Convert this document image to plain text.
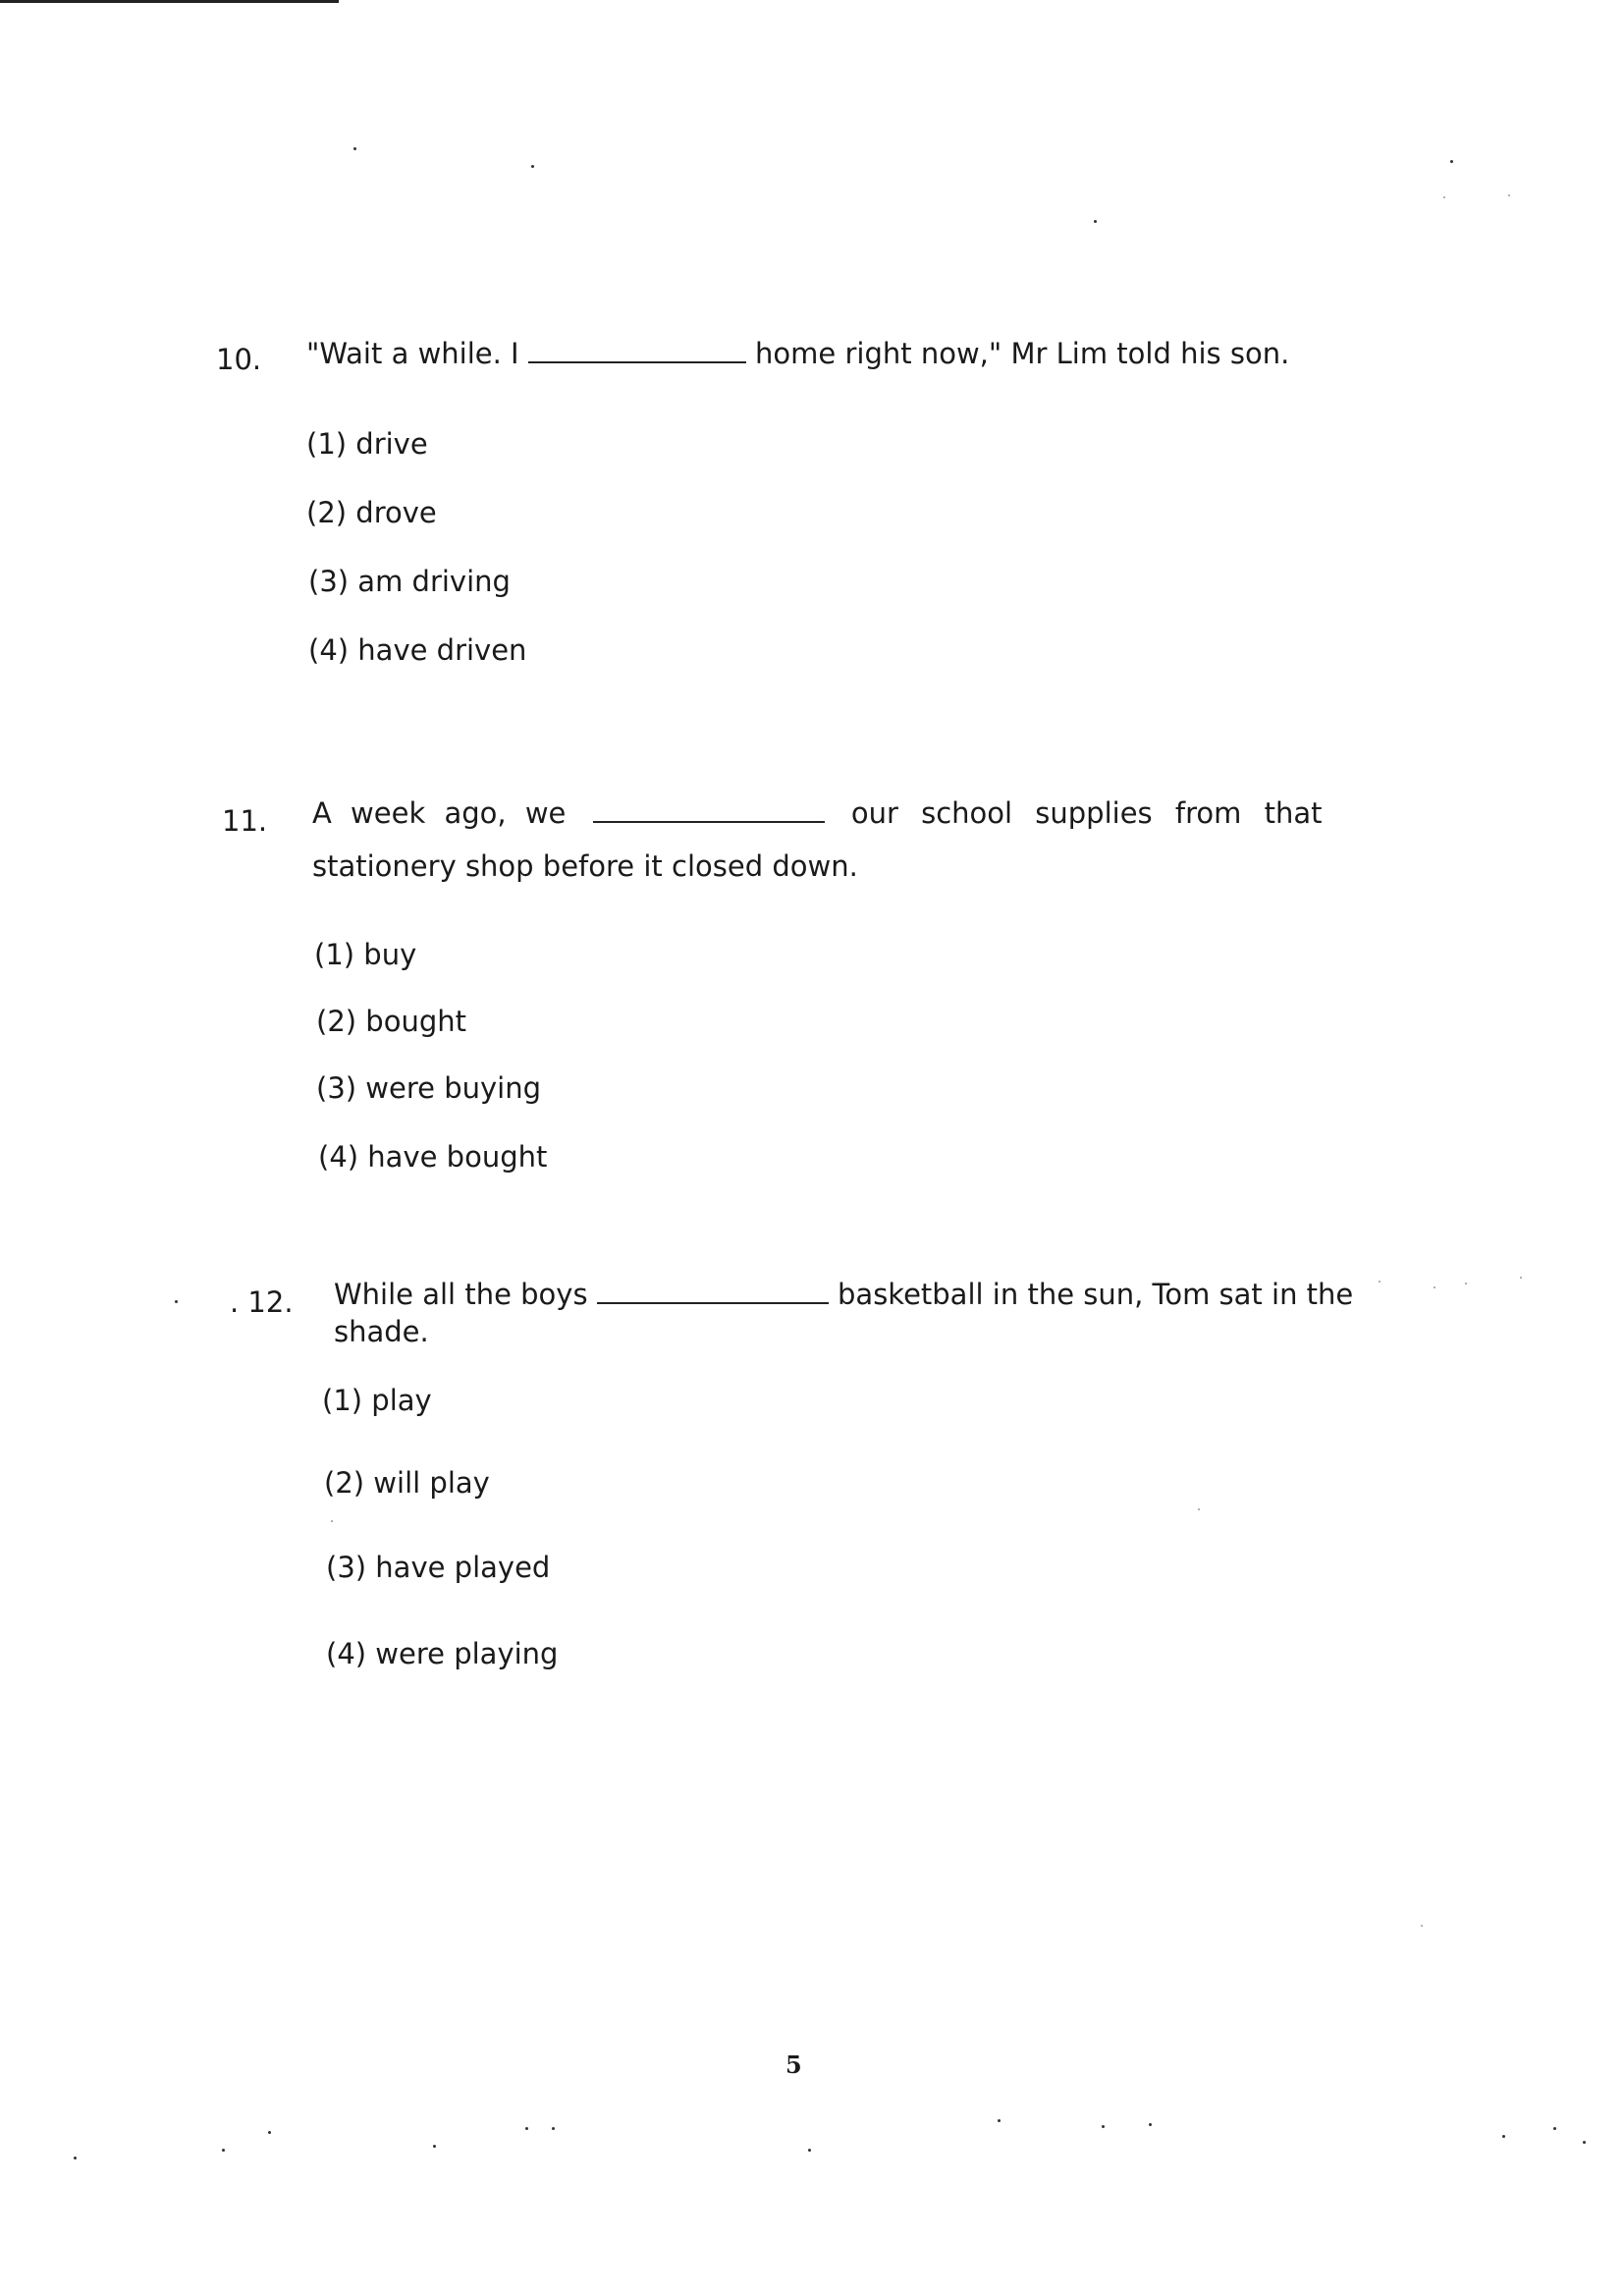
10. "Wait a while. I	home right now," Mr Lim told his son.
(1) drive
(2) drove
(3) am driving
(4) have driven
11. A week ago, we	our school supplies from that
stationery shop before it closed down.
(1) buy
(2) bought
(3) were buying
(4) have bought
. 12. While all the boys	basketball in the sun, Tom sat in the
shade.
(1) play
(2) will play
(3) have played
(4) were playing
5
